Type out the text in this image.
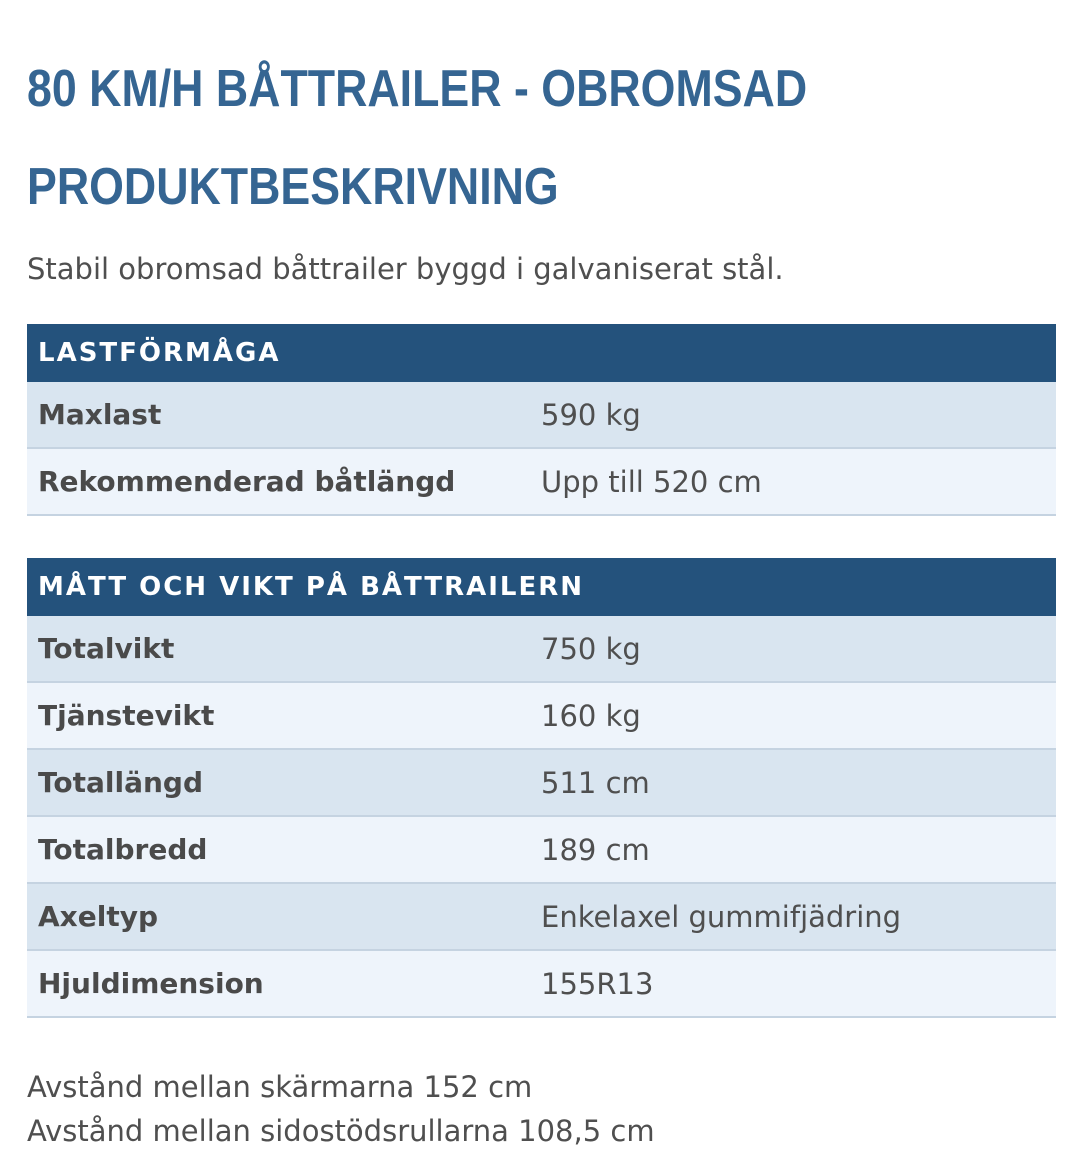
80 KM/H BÅTTRAILER - OBROMSAD
PRODUKTBESKRIVNING

Stabil obromsad båttrailer byggd i galvaniserat stål.

LASTFÖRMÅGA
Maxlast	590 kg
Rekommenderad båtlängd	Upp till 520 cm
MÅTT OCH VIKT PÅ BÅTTRAILERN
Totalvikt	750 kg
Tjänstevikt	160 kg
Totallängd	511 cm
Totalbredd	189 cm
Axeltyp	Enkelaxel gummifjädring
Hjuldimension	155R13
Avstånd mellan skärmarna 152 cm
Avstånd mellan sidostödsrullarna 108,5 cm
